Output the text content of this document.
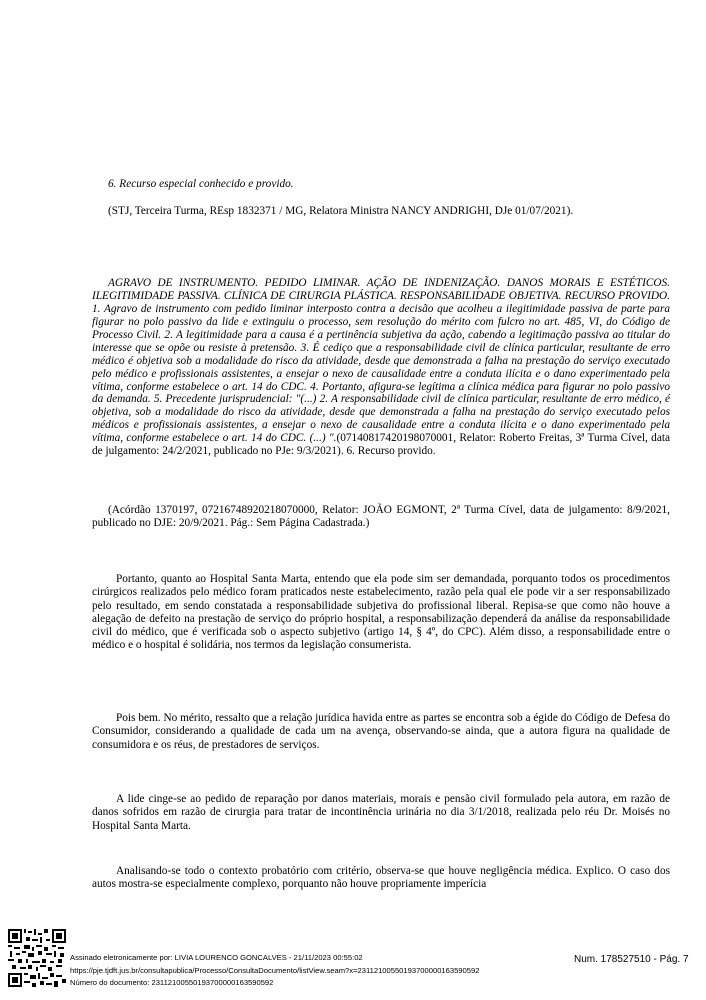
6. Recurso especial conhecido e provido.

(STJ, Terceira Turma, REsp 1832371 / MG, Relatora Ministra NANCY ANDRIGHI, DJe 01/07/2021).

AGRAVO DE INSTRUMENTO. PEDIDO LIMINAR. AÇÃO DE INDENIZAÇÃO. DANOS MORAIS E ESTÉTICOS. ILEGITIMIDADE PASSIVA. CLÍNICA DE CIRURGIA PLÁSTICA. RESPONSABILIDADE OBJETIVA. RECURSO PROVIDO. 1. Agravo de instrumento com pedido liminar interposto contra a decisão que acolheu a ilegitimidade passiva de parte para figurar no polo passivo da lide e extinguiu o processo, sem resolução do mérito com fulcro no art. 485, VI, do Código de Processo Civil. 2. A legitimidade para a causa é a pertinência subjetiva da ação, cabendo a legitimação passiva ao titular do interesse que se opõe ou resiste à pretensão. 3. É cediço que a responsabilidade civil de clínica particular, resultante de erro médico é objetiva sob a modalidade do risco da atividade, desde que demonstrada a falha na prestação do serviço executado pelo médico e profissionais assistentes, a ensejar o nexo de causalidade entre a conduta ilícita e o dano experimentado pela vítima, conforme estabelece o art. 14 do CDC. 4. Portanto, afigura-se legítima a clínica médica para figurar no polo passivo da demanda. 5. Precedente jurisprudencial: "(...) 2. A responsabilidade civil de clínica particular, resultante de erro médico, é objetiva, sob a modalidade do risco da atividade, desde que demonstrada a falha na prestação do serviço executado pelos médicos e profissionais assistentes, a ensejar o nexo de causalidade entre a conduta ilícita e o dano experimentado pela vítima, conforme estabelece o art. 14 do CDC. (...) ".(07140817420198070001, Relator: Roberto Freitas, 3ª Turma Cível, data de julgamento: 24/2/2021, publicado no PJe: 9/3/2021). 6. Recurso provido.

(Acórdão 1370197, 07216748920218070000, Relator: JOÃO EGMONT, 2ª Turma Cível, data de julgamento: 8/9/2021, publicado no DJE: 20/9/2021. Pág.: Sem Página Cadastrada.)

Portanto, quanto ao Hospital Santa Marta, entendo que ela pode sim ser demandada, porquanto todos os procedimentos cirúrgicos realizados pelo médico foram praticados neste estabelecimento, razão pela qual ele pode vir a ser responsabilizado pelo resultado, em sendo constatada a responsabilidade subjetiva do profissional liberal. Repisa-se que como não houve a alegação de defeito na prestação de serviço do próprio hospital, a responsabilização dependerá da análise da responsabilidade civil do médico, que é verificada sob o aspecto subjetivo (artigo 14, § 4º, do CPC). Além disso, a responsabilidade entre o médico e o hospital é solidária, nos termos da legislação consumerista.

Pois bem. No mérito, ressalto que a relação jurídica havida entre as partes se encontra sob a égide do Código de Defesa do Consumidor, considerando a qualidade de cada um na avença, observando-se ainda, que a autora figura na qualidade de consumidora e os réus, de prestadores de serviços.

A lide cinge-se ao pedido de reparação por danos materiais, morais e pensão civil formulado pela autora, em razão de danos sofridos em razão de cirurgia para tratar de incontinência urinária no dia 3/1/2018, realizada pelo réu Dr. Moisés no Hospital Santa Marta.

Analisando-se todo o contexto probatório com critério, observa-se que houve negligência médica. Explico. O caso dos autos mostra-se especialmente complexo, porquanto não houve propriamente imperícia

Assinado eletronicamente por: LIVIA LOURENCO GONCALVES - 21/11/2023 00:55:02
https://pje.tjdft.jus.br/consultapublica/Processo/ConsultaDocumento/listView.seam?x=23112100550193700000163590592
Número do documento: 23112100550193700000163590592
Num. 178527510 - Pág. 7
